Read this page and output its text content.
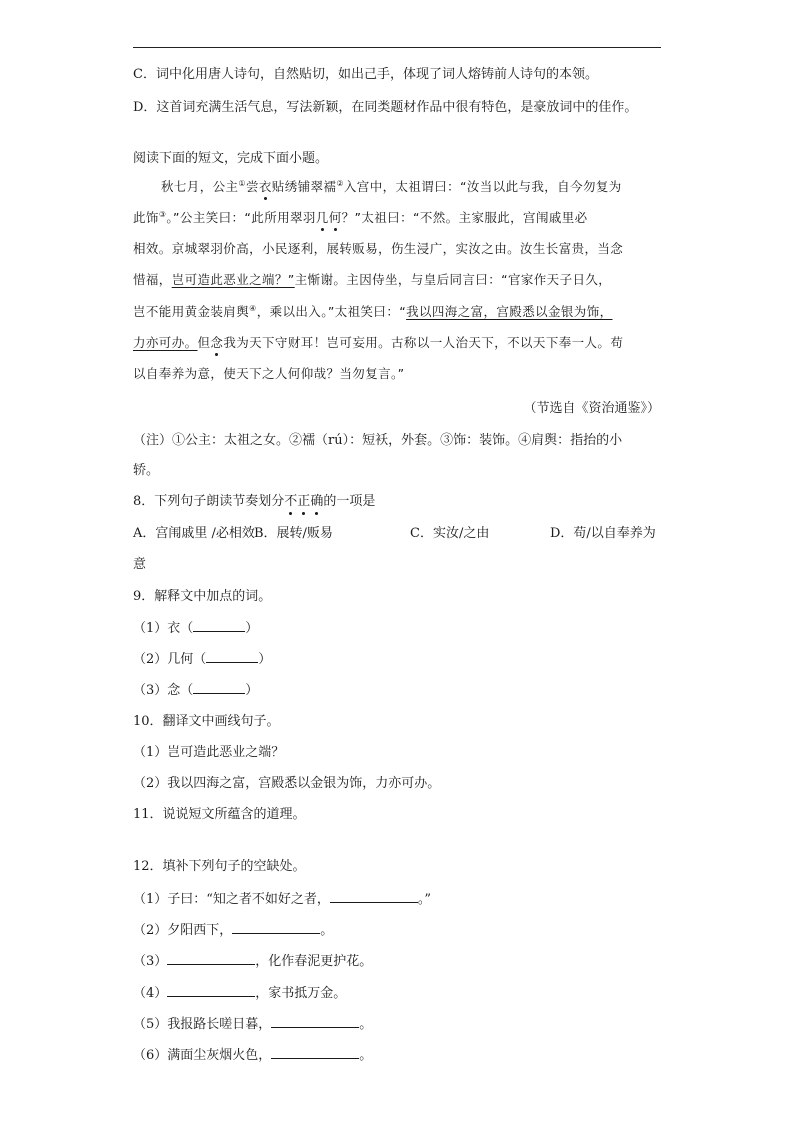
C．词中化用唐人诗句，自然贴切，如出己手，体现了词人熔铸前人诗句的本领。
D．这首词充满生活气息，写法新颖，在同类题材作品中很有特色，是豪放词中的佳作。
阅读下面的短文，完成下面小题。
秋七月，公主①尝衣贴绣铺翠襦②入宫中，太祖谓曰：“汝当以此与我，自今勿复为
此饰③。”公主笑曰：“此所用翠羽几何？”太祖曰：“不然。主家服此，宫闱戚里必
相效。京城翠羽价高，小民逐利，展转贩易，伤生浸广，实汝之由。汝生长富贵，当念
惜福，岂可造此恶业之端？”主惭谢。主因侍坐，与皇后同言曰：“官家作天子日久，
岂不能用黄金装肩舆④，乘以出入。”太祖笑曰：“我以四海之富，宫殿悉以金银为饰，
力亦可办。但念我为天下守财耳！岂可妄用。古称以一人治天下，不以天下奉一人。苟
以自奉养为意，使天下之人何仰哉？当勿复言。”
（节选自《资治通鉴》）
（注）①公主：太祖之女。②襦（rú）：短袄，外套。③饰：装饰。④肩舆：指抬的小
轿。
8．下列句子朗读节奏划分不正确的一项是
A．宫闱戚里 /必相效 B．展转/贩易	C．实汝/之由	D．苟/以自奉养为
意
9．解释文中加点的词。
（1）衣（	）
（2）几何（	）
（3）念（	）
10．翻译文中画线句子。
（1）岂可造此恶业之端？
（2）我以四海之富，宫殿悉以金银为饰，力亦可办。
11．说说短文所蕴含的道理。
12．填补下列句子的空缺处。
（1）子曰：“知之者不如好之者，	。”
（2）夕阳西下，	。
（3）	，化作春泥更护花。
（4）	，家书抵万金。
（5）我报路长嗟日暮，	。
（6）满面尘灰烟火色，	。
